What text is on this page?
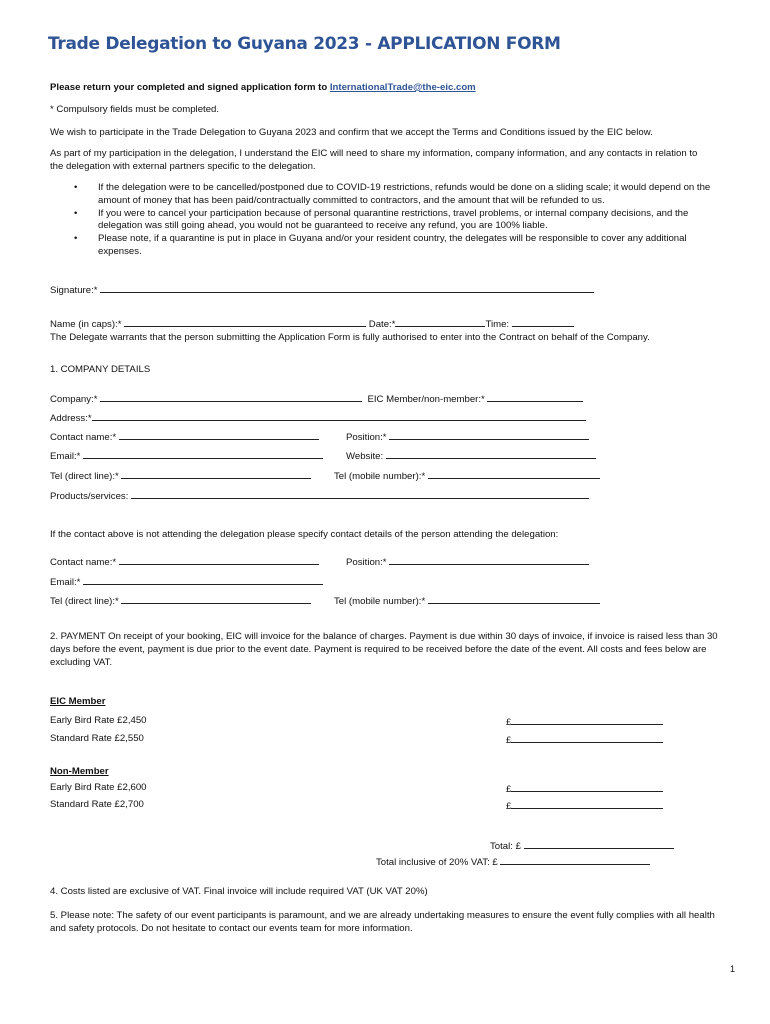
Trade Delegation to Guyana 2023 - APPLICATION FORM
Please return your completed and signed application form to InternationalTrade@the-eic.com
* Compulsory fields must be completed.
We wish to participate in the Trade Delegation to Guyana 2023 and confirm that we accept the Terms and Conditions issued by the EIC below.
As part of my participation in the delegation, I understand the EIC will need to share my information, company information, and any contacts in relation to the delegation with external partners specific to the delegation.
• If the delegation were to be cancelled/postponed due to COVID-19 restrictions, refunds would be done on a sliding scale; it would depend on the amount of money that has been paid/contractually committed to contractors, and the amount that will be refunded to us.
• If you were to cancel your participation because of personal quarantine restrictions, travel problems, or internal company decisions, and the delegation was still going ahead, you would not be guaranteed to receive any refund, you are 100% liable.
• Please note, if a quarantine is put in place in Guyana and/or your resident country, the delegates will be responsible to cover any additional expenses.
Signature:*
Name (in caps):*	Date:*	Time:
The Delegate warrants that the person submitting the Application Form is fully authorised to enter into the Contract on behalf of the Company.
1. COMPANY DETAILS
Company:*	EIC Member/non-member:*
Address:*
Contact name:*	Position:*
Email:*	Website:
Tel (direct line):*	Tel (mobile number):*
Products/services:
If the contact above is not attending the delegation please specify contact details of the person attending the delegation:
Contact name:*	Position:*
Email:*
Tel (direct line):*	Tel (mobile number):*
2. PAYMENT On receipt of your booking, EIC will invoice for the balance of charges. Payment is due within 30 days of invoice, if invoice is raised less than 30 days before the event, payment is due prior to the event date. Payment is required to be received before the date of the event. All costs and fees below are excluding VAT.
EIC Member
Early Bird Rate £2,450	£
Standard Rate £2,550	£
Non-Member
Early Bird Rate £2,600	£
Standard Rate £2,700	£
Total: £
Total inclusive of 20% VAT: £
4. Costs listed are exclusive of VAT. Final invoice will include required VAT (UK VAT 20%)
5. Please note: The safety of our event participants is paramount, and we are already undertaking measures to ensure the event fully complies with all health and safety protocols. Do not hesitate to contact our events team for more information.
1
